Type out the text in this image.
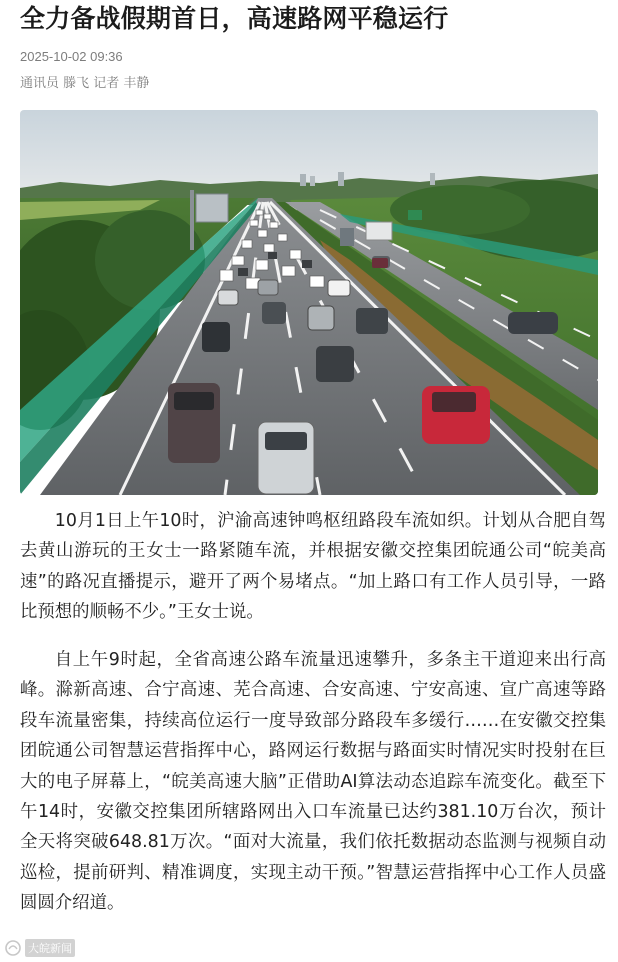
全力备战假期首日，高速路网平稳运行
2025-10-02 09:36
通讯员 滕飞 记者 丰静

10月1日上午10时，沪渝高速钟鸣枢纽路段车流如织。计划从合肥自驾去黄山游玩的王女士一路紧随车流，并根据安徽交控集团皖通公司“皖美高速”的路况直播提示，避开了两个易堵点。“加上路口有工作人员引导，一路比预想的顺畅不少。”王女士说。

自上午9时起，全省高速公路车流量迅速攀升，多条主干道迎来出行高峰。滁新高速、合宁高速、芜合高速、合安高速、宁安高速、宣广高速等路段车流量密集，持续高位运行一度导致部分路段车多缓行……在安徽交控集团皖通公司智慧运营指挥中心，路网运行数据与路面实时情况实时投射在巨大的电子屏幕上，“皖美高速大脑”正借助AI算法动态追踪车流变化。截至下午14时，安徽交控集团所辖路网出入口车流量已达约381.10万台次，预计全天将突破648.81万次。“面对大流量，我们依托数据动态监测与视频自动巡检，提前研判、精准调度，实现主动干预。”智慧运营指挥中心工作人员盛圆圆介绍道。

大皖新闻
